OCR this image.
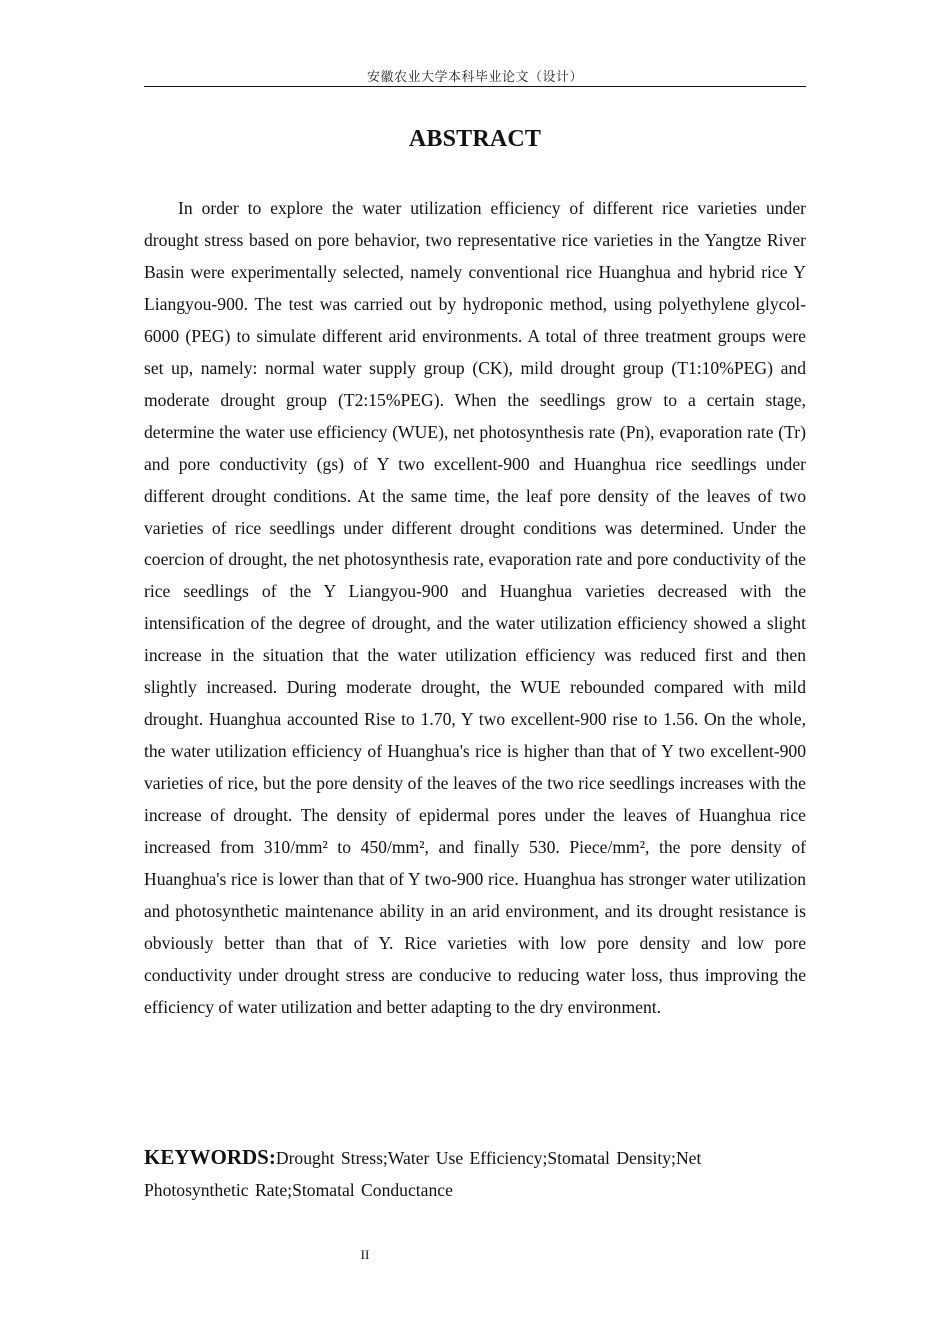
安徽农业大学本科毕业论文（设计）
ABSTRACT

In order to explore the water utilization efficiency of different rice varieties under drought stress based on pore behavior, two representative rice varieties in the Yangtze River Basin were experimentally selected, namely conventional rice Huanghua and hybrid rice Y Liangyou-900. The test was carried out by hydroponic method, using polyethylene glycol-6000 (PEG) to simulate different arid environments. A total of three treatment groups were set up, namely: normal water supply group (CK), mild drought group (T1:10%PEG) and moderate drought group (T2:15%PEG). When the seedlings grow to a certain stage, determine the water use efficiency (WUE), net photosynthesis rate (Pn), evaporation rate (Tr) and pore conductivity (gs) of Y two excellent-900 and Huanghua rice seedlings under different drought conditions. At the same time, the leaf pore density of the leaves of two varieties of rice seedlings under different drought conditions was determined. Under the coercion of drought, the net photosynthesis rate, evaporation rate and pore conductivity of the rice seedlings of the Y Liangyou-900 and Huanghua varieties decreased with the intensification of the degree of drought, and the water utilization efficiency showed a slight increase in the situation that the water utilization efficiency was reduced first and then slightly increased. During moderate drought, the WUE rebounded compared with mild drought. Huanghua accounted Rise to 1.70, Y two excellent-900 rise to 1.56. On the whole, the water utilization efficiency of Huanghua's rice is higher than that of Y two excellent-900 varieties of rice, but the pore density of the leaves of the two rice seedlings increases with the increase of drought. The density of epidermal pores under the leaves of Huanghua rice increased from 310/mm² to 450/mm², and finally 530. Piece/mm², the pore density of Huanghua's rice is lower than that of Y two-900 rice. Huanghua has stronger water utilization and photosynthetic maintenance ability in an arid environment, and its drought resistance is obviously better than that of Y. Rice varieties with low pore density and low pore conductivity under drought stress are conducive to reducing water loss, thus improving the efficiency of water utilization and better adapting to the dry environment.

KEYWORDS:Drought Stress;Water Use Efficiency;Stomatal Density;Net Photosynthetic Rate;Stomatal Conductance

II
